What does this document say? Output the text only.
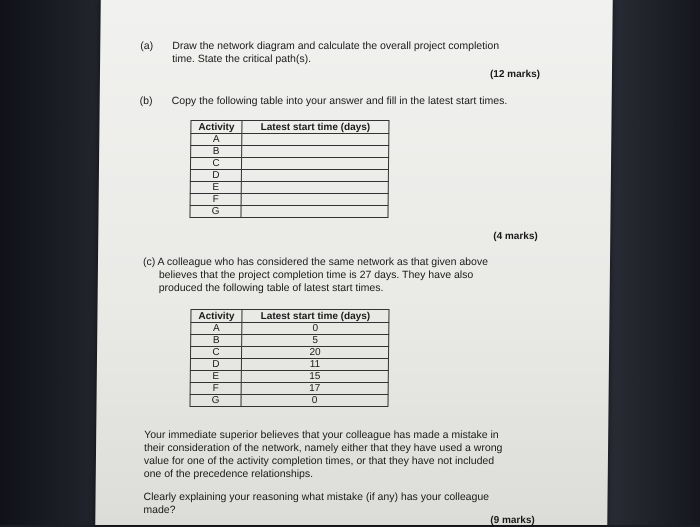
(a) Draw the network diagram and calculate the overall project completion
time. State the critical path(s).
(12 marks)
(b) Copy the following table into your answer and fill in the latest start times.
Activity	Latest start time (days)
A	
B	
C	
D	
E	
F	
G	
(4 marks)
(c) A colleague who has considered the same network as that given above
believes that the project completion time is 27 days. They have also
produced the following table of latest start times.
Activity	Latest start time (days)
A	0
B	5
C	20
D	11
E	15
F	17
G	0
Your immediate superior believes that your colleague has made a mistake in
their consideration of the network, namely either that they have used a wrong
value for one of the activity completion times, or that they have not included
one of the precedence relationships.
Clearly explaining your reasoning what mistake (if any) has your colleague
made?
(9 marks)
